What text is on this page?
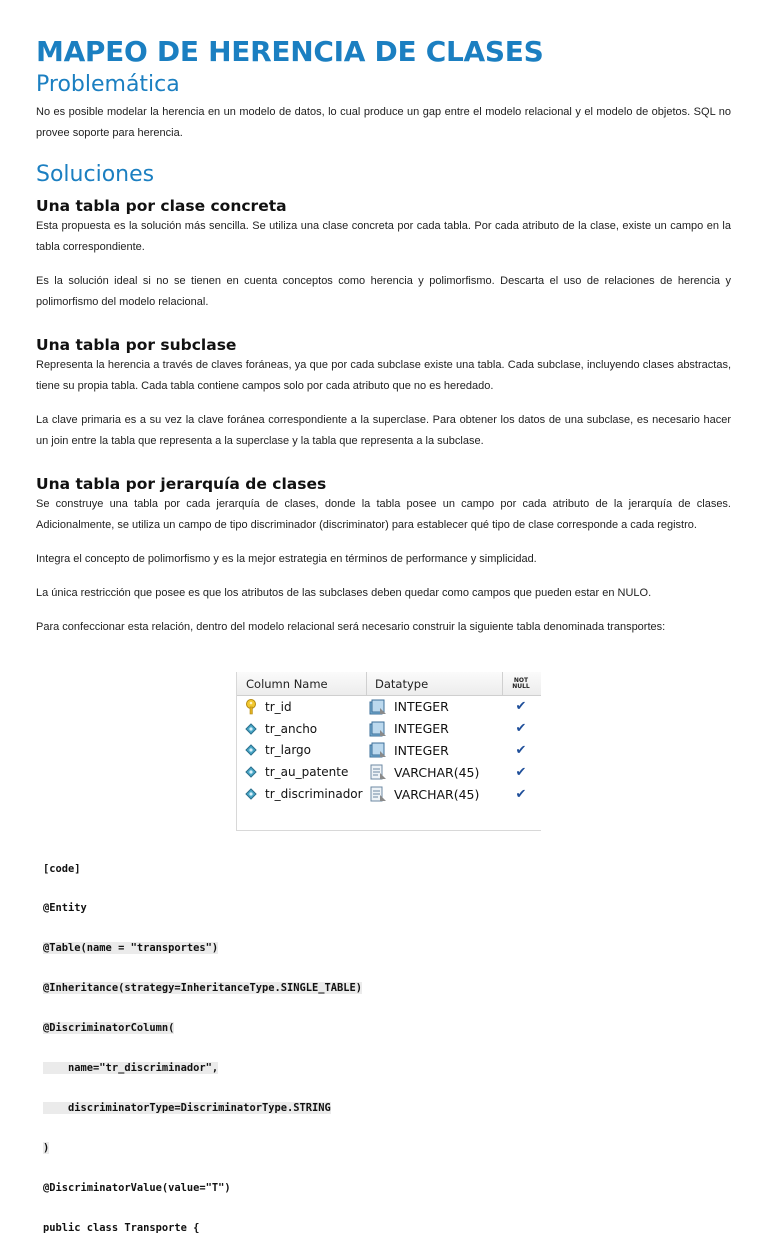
MAPEO DE HERENCIA DE CLASES
Problemática

No es posible modelar la herencia en un modelo de datos, lo cual produce un gap entre el modelo relacional y el modelo de objetos. SQL no provee soporte para herencia.

Soluciones
Una tabla por clase concreta

Esta propuesta es la solución más sencilla. Se utiliza una clase concreta por cada tabla. Por cada atributo de la clase, existe un campo en la tabla correspondiente.

Es la solución ideal si no se tienen en cuenta conceptos como herencia y polimorfismo. Descarta el uso de relaciones de herencia y polimorfismo del modelo relacional.

Una tabla por subclase

Representa la herencia a través de claves foráneas, ya que por cada subclase existe una tabla. Cada subclase, incluyendo clases abstractas, tiene su propia tabla. Cada tabla contiene campos solo por cada atributo que no es heredado.

La clave primaria es a su vez la clave foránea correspondiente a la superclase. Para obtener los datos de una subclase, es necesario hacer un join entre la tabla que representa a la superclase y la tabla que representa a la subclase.

Una tabla por jerarquía de clases

Se construye una tabla por cada jerarquía de clases, donde la tabla posee un campo por cada atributo de la jerarquía de clases. Adicionalmente, se utiliza un campo de tipo discriminador (discriminator) para establecer qué tipo de clase corresponde a cada registro.

Integra el concepto de polimorfismo y es la mejor estrategia en términos de performance y simplicidad.

La única restricción que posee es que los atributos de las subclases deben quedar como campos que pueden estar en NULO.

Para confeccionar esta relación, dentro del modelo relacional será necesario construir la siguiente tabla denominada transportes:

Column Name	Datatype	NOT
NULL
tr_id	INTEGER	✔
tr_ancho	INTEGER	✔
tr_largo	INTEGER	✔
tr_au_patente	VARCHAR(45)	✔
tr_discriminador	VARCHAR(45)	✔

[code]

@Entity

@Table(name = "transportes")

@Inheritance(strategy=InheritanceType.SINGLE_TABLE)

@DiscriminatorColumn(

name="tr_discriminador",

discriminatorType=DiscriminatorType.STRING

)

@DiscriminatorValue(value="T")

public class Transporte {
